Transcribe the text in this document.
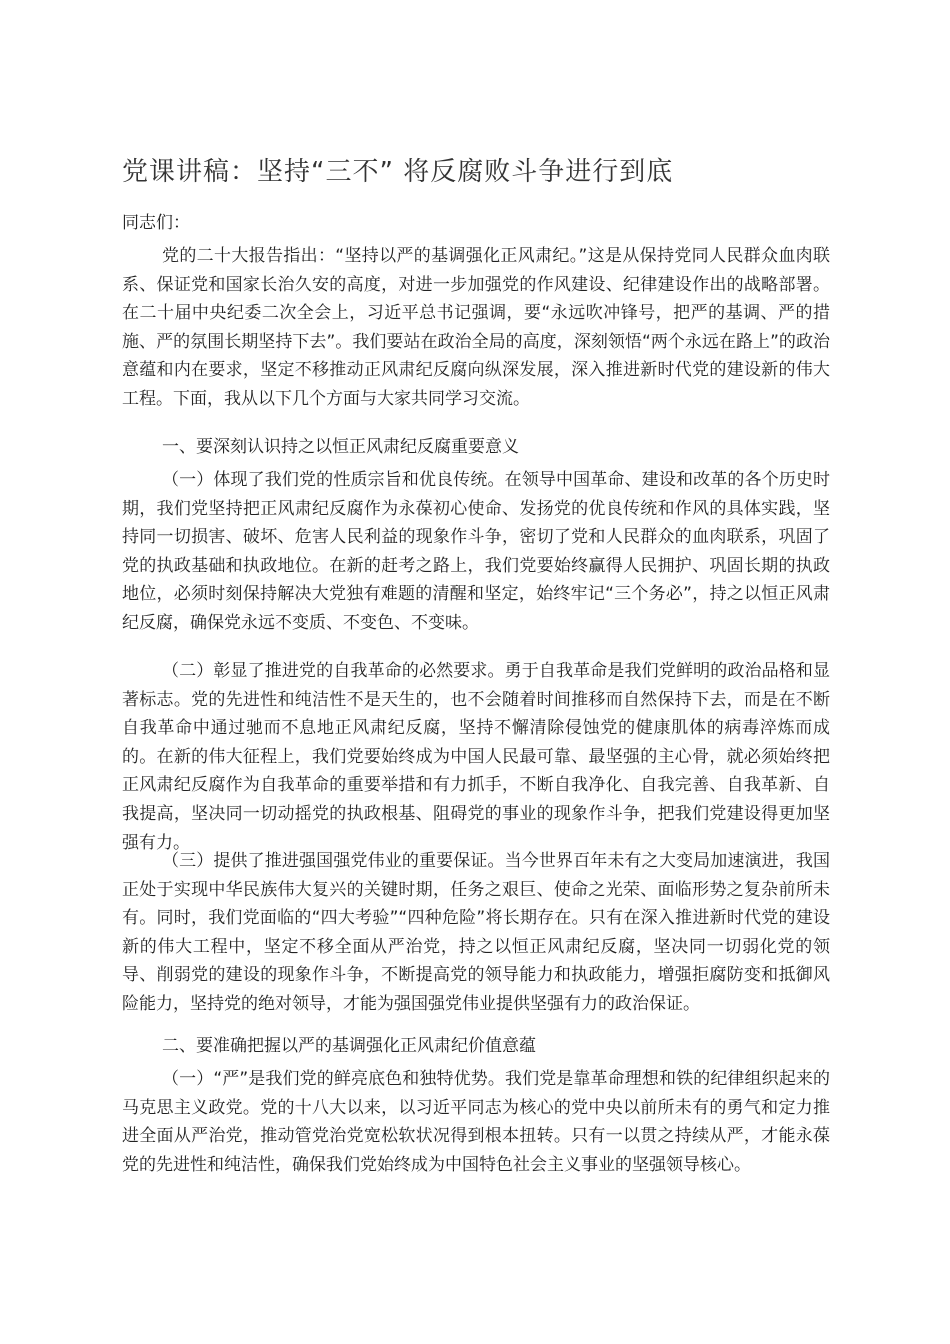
党课讲稿：坚持“三不” 将反腐败斗争进行到底

同志们：

党的二十大报告指出：“坚持以严的基调强化正风肃纪。”这是从保持党同人民群众血肉联系、保证党和国家长治久安的高度，对进一步加强党的作风建设、纪律建设作出的战略部署。在二十届中央纪委二次全会上，习近平总书记强调，要“永远吹冲锋号，把严的基调、严的措施、严的氛围长期坚持下去”。我们要站在政治全局的高度，深刻领悟“两个永远在路上”的政治意蕴和内在要求，坚定不移推动正风肃纪反腐向纵深发展，深入推进新时代党的建设新的伟大工程。下面，我从以下几个方面与大家共同学习交流。

一、要深刻认识持之以恒正风肃纪反腐重要意义

（一）体现了我们党的性质宗旨和优良传统。在领导中国革命、建设和改革的各个历史时期，我们党坚持把正风肃纪反腐作为永葆初心使命、发扬党的优良传统和作风的具体实践，坚持同一切损害、破坏、危害人民利益的现象作斗争，密切了党和人民群众的血肉联系，巩固了党的执政基础和执政地位。在新的赶考之路上，我们党要始终赢得人民拥护、巩固长期的执政地位，必须时刻保持解决大党独有难题的清醒和坚定，始终牢记“三个务必”，持之以恒正风肃纪反腐，确保党永远不变质、不变色、不变味。

（二）彰显了推进党的自我革命的必然要求。勇于自我革命是我们党鲜明的政治品格和显著标志。党的先进性和纯洁性不是天生的，也不会随着时间推移而自然保持下去，而是在不断自我革命中通过驰而不息地正风肃纪反腐，坚持不懈清除侵蚀党的健康肌体的病毒淬炼而成的。在新的伟大征程上，我们党要始终成为中国人民最可靠、最坚强的主心骨，就必须始终把正风肃纪反腐作为自我革命的重要举措和有力抓手，不断自我净化、自我完善、自我革新、自我提高，坚决同一切动摇党的执政根基、阻碍党的事业的现象作斗争，把我们党建设得更加坚强有力。

（三）提供了推进强国强党伟业的重要保证。当今世界百年未有之大变局加速演进，我国正处于实现中华民族伟大复兴的关键时期，任务之艰巨、使命之光荣、面临形势之复杂前所未有。同时，我们党面临的“四大考验”“四种危险”将长期存在。只有在深入推进新时代党的建设新的伟大工程中，坚定不移全面从严治党，持之以恒正风肃纪反腐，坚决同一切弱化党的领导、削弱党的建设的现象作斗争，不断提高党的领导能力和执政能力，增强拒腐防变和抵御风险能力，坚持党的绝对领导，才能为强国强党伟业提供坚强有力的政治保证。

二、要准确把握以严的基调强化正风肃纪价值意蕴

（一）“严”是我们党的鲜亮底色和独特优势。我们党是靠革命理想和铁的纪律组织起来的马克思主义政党。党的十八大以来，以习近平同志为核心的党中央以前所未有的勇气和定力推进全面从严治党，推动管党治党宽松软状况得到根本扭转。只有一以贯之持续从严，才能永葆党的先进性和纯洁性，确保我们党始终成为中国特色社会主义事业的坚强领导核心。
